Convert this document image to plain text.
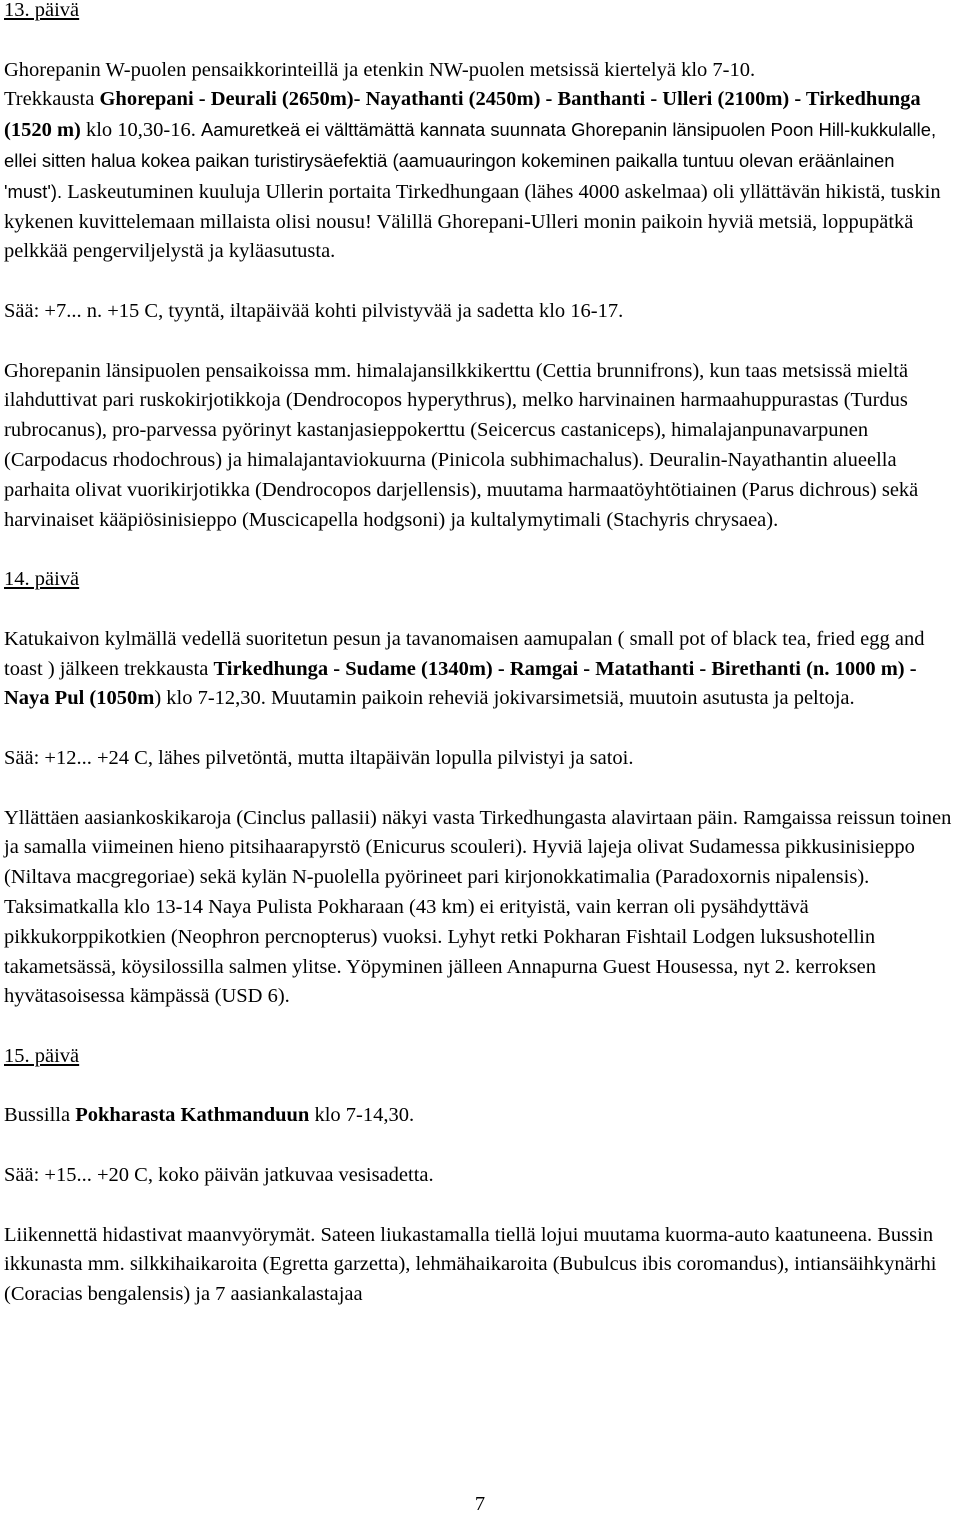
13. päivä
Ghorepanin W-puolen pensaikkorinteillä ja etenkin NW-puolen metsissä kiertelyä klo 7-10.
Trekkausta Ghorepani - Deurali (2650m)- Nayathanti (2450m) - Banthanti - Ulleri (2100m) - Tirkedhunga (1520 m) klo 10,30-16. Aamuretkeä ei välttämättä kannata suunnata Ghorepanin länsipuolen Poon Hill-kukkulalle, ellei sitten halua kokea paikan turistirysäefektiä (aamuauringon kokeminen paikalla tuntuu olevan eräänlainen 'must'). Laskeutuminen kuuluja Ullerin portaita Tirkedhungaan (lähes 4000 askelmaa) oli yllättävän hikistä, tuskin kykenen kuvittelemaan millaista olisi nousu! Välillä Ghorepani-Ulleri monin paikoin hyviä metsiä, loppupätkä pelkkää pengerviljelystä ja kyläasutusta.
Sää: +7... n. +15 C, tyyntä, iltapäivää kohti pilvistyvää ja sadetta klo 16-17.
Ghorepanin länsipuolen pensaikoissa mm. himalajansilkkikerttu (Cettia brunnifrons), kun taas metsissä mieltä ilahduttivat pari ruskokirjotikkoja (Dendrocopos hyperythrus), melko harvinainen harmaahuppurastas (Turdus rubrocanus), pro-parvessa pyörinyt kastanjasieppokerttu (Seicercus castaniceps), himalajanpunavarpunen (Carpodacus rhodochrous) ja himalajantaviokuurna (Pinicola subhimachalus). Deuralin-Nayathantin alueella parhaita olivat vuorikirjotikka (Dendrocopos darjellensis), muutama harmaatöyhtötiainen (Parus dichrous) sekä harvinaiset kääpiösinisieppo (Muscicapella hodgsoni) ja kultalymytimali (Stachyris chrysaea).
14. päivä
Katukaivon kylmällä vedellä suoritetun pesun ja tavanomaisen aamupalan ( small pot of black tea, fried egg and toast ) jälkeen trekkausta Tirkedhunga - Sudame (1340m) - Ramgai - Matathanti - Birethanti (n. 1000 m) - Naya Pul (1050m) klo 7-12,30. Muutamin paikoin reheviä jokivarsimetsiä, muutoin asutusta ja peltoja.
Sää: +12... +24 C, lähes pilvetöntä, mutta iltapäivän lopulla pilvistyi ja satoi.
Yllättäen aasiankoskikaroja (Cinclus pallasii) näkyi vasta Tirkedhungasta alavirtaan päin. Ramgaissa reissun toinen ja samalla viimeinen hieno pitsihaarapyrstö (Enicurus scouleri). Hyviä lajeja olivat Sudamessa pikkusinisieppo (Niltava macgregoriae) sekä kylän N-puolella pyörineet pari kirjonokkatimalia (Paradoxornis nipalensis). Taksimatkalla klo 13-14 Naya Pulista Pokharaan (43 km) ei erityistä, vain kerran oli pysähdyttävä pikkukorppikotkien (Neophron percnopterus) vuoksi. Lyhyt retki Pokharan Fishtail Lodgen luksushotellin takametsässä, köysilossilla salmen ylitse. Yöpyminen jälleen Annapurna Guest Housessa, nyt 2. kerroksen hyvätasoisessa kämpässä (USD 6).
15. päivä
Bussilla Pokharasta Kathmanduun klo 7-14,30.
Sää: +15... +20 C, koko päivän jatkuvaa vesisadetta.
Liikennettä hidastivat maanvyörymät. Sateen liukastamalla tiellä lojui muutama kuorma-auto kaatuneena. Bussin ikkunasta mm. silkkihaikaroita (Egretta garzetta), lehmähaikaroita (Bubulcus ibis coromandus), intiansäihkynärhi (Coracias bengalensis) ja 7 aasiankalastajaa
7
